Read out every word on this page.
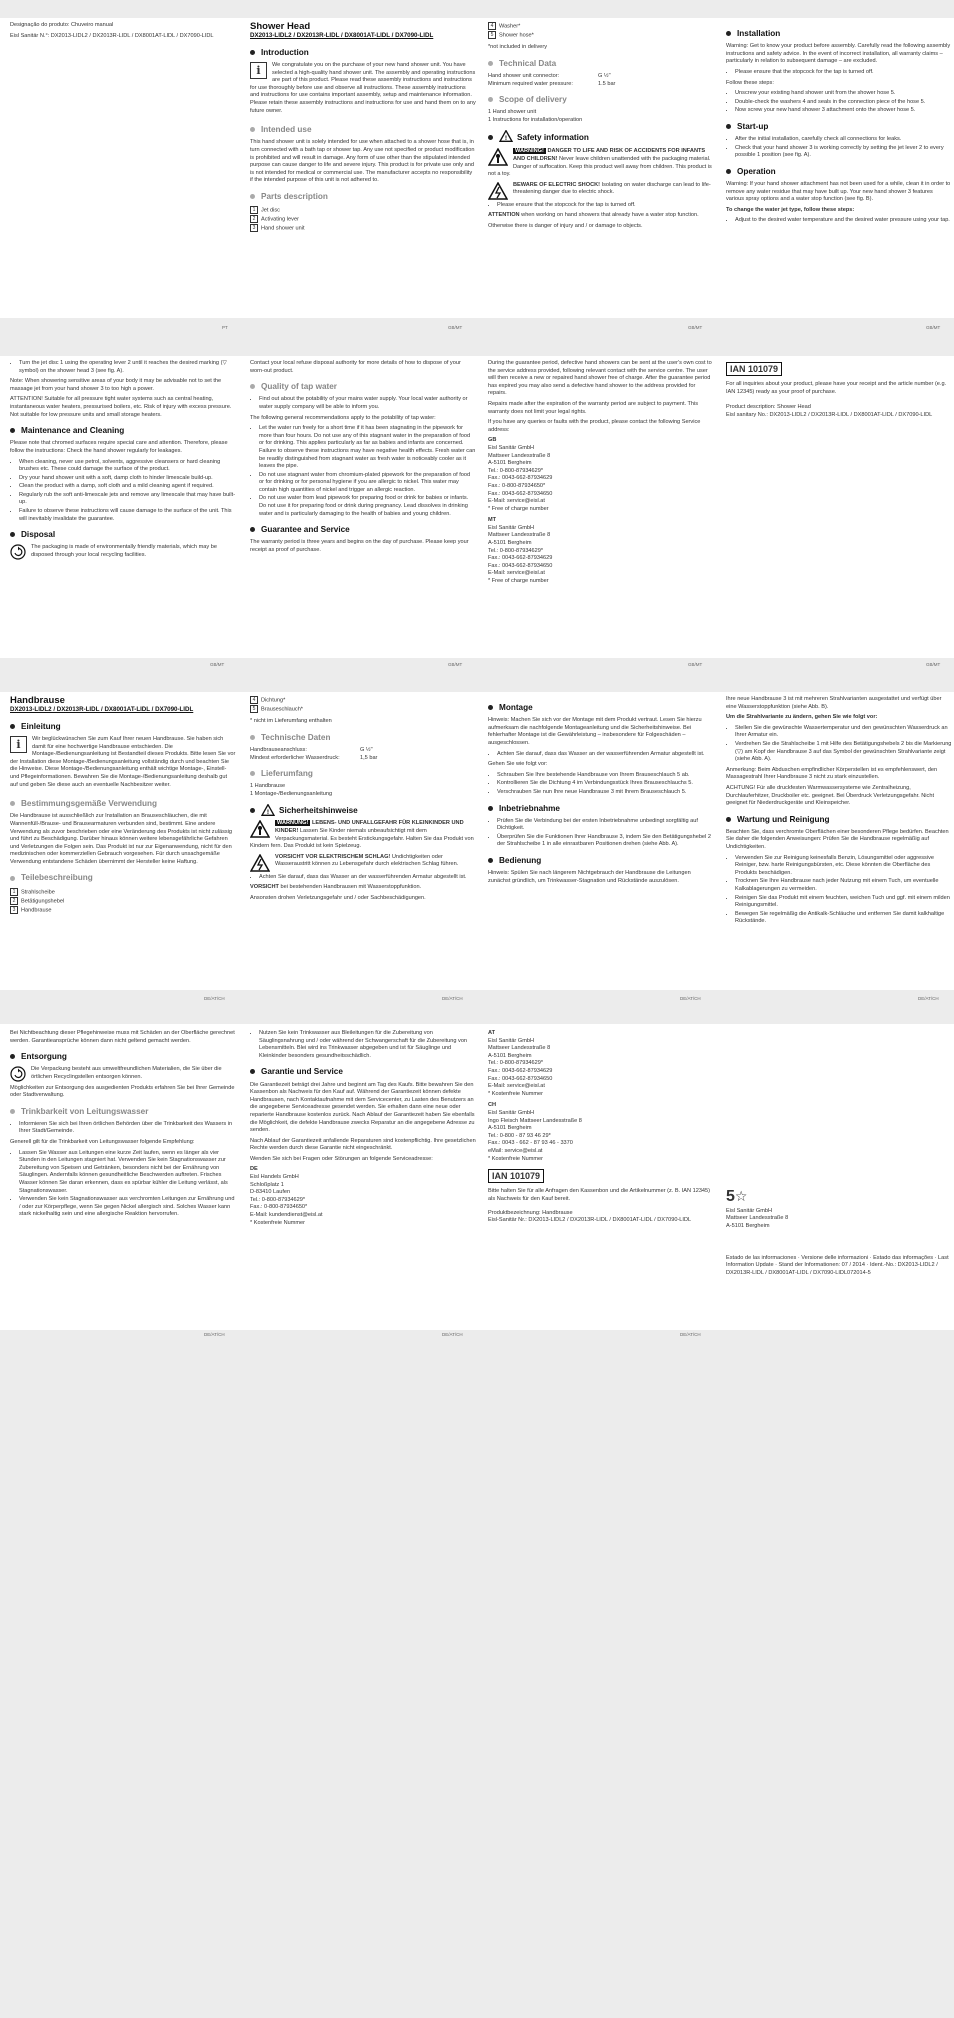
Designação do produto: Chuveiro manual

Eisl Sanitär N.°: DX2013-LIDL2 / DX2013R-LIDL / DX8001AT-LIDL / DX7090-LIDL

PT
Shower Head
DX2013-LIDL2 / DX2013R-LIDL / DX8001AT-LIDL / DX7090-LIDL
Introduction
i	We congratulate you on the purchase of your new hand shower unit. You have selected a high-quality hand shower unit. The assembly and operating instructions are part of this product. Please read these assembly instructions and instructions for use thoroughly before use and observe all instructions. These assembly instructions and instructions for use contains important assembly, setup and maintenance information. Please retain these assembly instructions and instructions for use and hand them on to any future owner.

Intended use

This hand shower unit is solely intended for use when attached to a shower hose that is, in turn connected with a bath tap or shower tap. Any use not specified or product modification is prohibited and will result in damage. Any form of use other than the stipulated intended purpose can cause danger to life and severe injury. This product is for private use only and is not intended for medical or commercial use. The manufacturer accepts no responsibility if the intended purpose of this unit is not adhered to.

Parts description
1 Jet disc
2 Activating lever
3 Hand shower unit
GB/MT
4 Washer*
5 Shower hose*

*not included in delivery

Technical Data
Hand shower unit connector:	G ½"
Minimum required water pressure:	1.5 bar
Scope of delivery
1 Hand shower unit
1 Instructions for installation/operation
! Safety information

WARNING! DANGER TO LIFE AND RISK OF ACCIDENTS FOR INFANTS AND CHILDREN! Never leave children unattended with the packaging material. Danger of suffocation. Keep this product well away from children. This product is not a toy.

BEWARE OF ELECTRIC SHOCK! Isolating on water discharge can lead to life-threatening danger due to electric shock.

• Please ensure that the stopcock for the tap is turned off.

ATTENTION when working on hand showers that already have a water stop function.

Otherwise there is danger of injury and / or damage to objects.

GB/MT
Installation

Warning: Get to know your product before assembly. Carefully read the following assembly instructions and safety advice. In the event of incorrect installation, all warranty claims – particularly in relation to subsequent damage – are excluded.

• Please ensure that the stopcock for the tap is turned off.

Follow these steps:

• Unscrew your existing hand shower unit from the shower hose 5.
• Double-check the washers 4 and seals in the connection piece of the hose 5.
• Now screw your new hand shower 3 attachment onto the shower hose 5.
Start-up
• After the initial installation, carefully check all connections for leaks.
• Check that your hand shower 3 is working correctly by setting the jet lever 2 to every possible 1 position (see fig. A).
Operation

Warning: If your hand shower attachment has not been used for a while, clean it in order to remove any water residue that may have built up. Your new hand shower 3 features various spray options and a water stop function (see fig. B).

To change the water jet type, follow these steps:

• Adjust to the desired water temperature and the desired water pressure using your tap.
GB/MT
• Turn the jet disc 1 using the operating lever 2 until it reaches the desired marking (▽ symbol) on the shower head 3 (see fig. A).

Note: When showering sensitive areas of your body it may be advisable not to set the massage jet from your hand shower 3 to too high a power.

ATTENTION! Suitable for all pressure tight water systems such as central heating, instantaneous water heaters, pressurised boilers, etc. Risk of injury with excess pressure. Not suitable for low pressure units and small storage heaters.

Maintenance and Cleaning

Please note that chromed surfaces require special care and attention. Therefore, please follow the instructions: Check the hand shower regularly for leakages.

• When cleaning, never use petrol, solvents, aggressive cleansers or hard cleaning brushes etc. These could damage the surface of the product.
• Dry your hand shower unit with a soft, damp cloth to hinder limescale build-up.
• Clean the product with a damp, soft cloth and a mild cleaning agent if required.
• Regularly rub the soft anti-limescale jets and remove any limescale that may have built-up.
• Failure to observe these instructions will cause damage to the surface of the unit. This will inevitably invalidate the guarantee.
Disposal

The packaging is made of environmentally friendly materials, which may be disposed through your local recycling facilities.

GB/MT

Contact your local refuse disposal authority for more details of how to dispose of your worn-out product.

Quality of tap water
• Find out about the potability of your mains water supply. Your local water authority or water supply company will be able to inform you.

The following general recommendations apply to the potability of tap water:

• Let the water run freely for a short time if it has been stagnating in the pipework for more than four hours. Do not use any of this stagnant water in the preparation of food or for drinking. This applies particularly as far as babies and infants are concerned. Failure to observe these instructions may have negative health effects. Fresh water can be readily distinguished from stagnant water as fresh water is noticeably cooler as it leaves the pipe.
• Do not use stagnant water from chromium-plated pipework for the preparation of food or for drinking or for personal hygiene if you are allergic to nickel. This water may contain high quantities of nickel and trigger an allergic reaction.
• Do not use water from lead pipework for preparing food or drink for babies or infants. Do not use it for preparing food or drink during pregnancy. Lead dissolves in drinking water and is particularly damaging to the health of babies and young children.
Guarantee and Service

The warranty period is three years and begins on the day of purchase. Please keep your receipt as proof of purchase.

GB/MT

During the guarantee period, defective hand showers can be sent at the user's own cost to the service address provided, following relevant contact with the service centre. The user will then receive a new or repaired hand shower free of charge. After the guarantee period has expired you may also send a defective hand shower to the address provided for repairs.

Repairs made after the expiration of the warranty period are subject to payment. This warranty does not limit your legal rights.

If you have any queries or faults with the product, please contact the following Service address:

GB

Eisl Sanitär GmbH
Mattseer Landesstraße 8
A-5101 Bergheim
Tel.: 0-800-87934629*
Fax.: 0043-662-87934629
Fax.: 0-800-87934650*
Fax.: 0043-662-87934650
E-Mail: service@eisl.at
* Free of charge number

MT

Eisl Sanitär GmbH
Mattseer Landesstraße 8
A-5101 Bergheim
Tel.: 0-800-87934629*
Fax.: 0043-662-87934629
Fax.: 0043-662-87934650
E-Mail: service@eisl.at
* Free of charge number
GB/MT
IAN 101079

For all inquiries about your product, please have your receipt and the article number (e.g. IAN 12345) ready as your proof of purchase.

Product description: Shower Head

Eisl sanitary No.: DX2013-LIDL2 / DX2013R-LIDL / DX8001AT-LIDL / DX7090-LIDL

GB/MT
Handbrause
DX2013-LIDL2 / DX2013R-LIDL / DX8001AT-LIDL / DX7090-LIDL
Einleitung
i	Wir beglückwünschen Sie zum Kauf Ihrer neuen Handbrause. Sie haben sich damit für eine hochwertige Handbrause entschieden. Die Montage-/Bedienungsanleitung ist Bestandteil dieses Produkts. Bitte lesen Sie vor der Installation diese Montage-/Bedienungsanleitung vollständig durch und beachten Sie die Hinweise. Diese Montage-/Bedienungsanleitung enthält wichtige Montage-, Einstell- und Pflegeinformationen. Bewahren Sie die Montage-/Bedienungsanleitung deshalb gut auf und geben Sie diese auch an eventuelle Nachbesitzer weiter.

Bestimmungsgemäße Verwendung

Die Handbrause ist ausschließlich zur Installation an Brauseschläuchen, die mit Wannenfüll-/Brause- und Brausearmaturen verbunden sind, bestimmt. Eine andere Verwendung als zuvor beschrieben oder eine Veränderung des Produkts ist nicht zulässig und führt zu Beschädigung. Darüber hinaus können weitere lebensgefährliche Gefahren und Verletzungen die Folgen sein. Das Produkt ist nur zur Eigenanwendung, nicht für den medizinischen oder kommerziellen Gebrauch vorgesehen. Für durch unsachgemäße Verwendung entstandene Schäden übernimmt der Hersteller keine Haftung.

Teilebeschreibung
1 Strahlscheibe
2 Betätigungshebel
3 Handbrause
DE/AT/CH
4 Dichtung*
5 Brauseschlauch*

* nicht im Lieferumfang enthalten

Technische Daten
Handbrauseanschluss:	G ½"
Mindest erforderlicher Wasserdruck:	1,5 bar
Lieferumfang
1 Handbrause
1 Montage-/Bedienungsanleitung
! Sicherheitshinweise

WARNUNG! LEBENS- UND UNFALLGEFAHR FÜR KLEINKINDER UND KINDER! Lassen Sie Kinder niemals unbeaufsichtigt mit dem Verpackungsmaterial. Es besteht Erstickungsgefahr. Halten Sie das Produkt von Kindern fern. Das Produkt ist kein Spielzeug.

VORSICHT VOR ELEKTRISCHEM SCHLAG! Undichtigkeiten oder Wasseraustritt können zu Lebensgefahr durch elektrischen Schlag führen.

• Achten Sie darauf, dass das Wasser an der wasserführenden Armatur abgestellt ist.

VORSICHT bei bestehenden Handbrausen mit Wasserstoppfunktion.

Ansonsten drohen Verletzungsgefahr und / oder Sachbeschädigungen.

DE/AT/CH
Montage

Hinweis: Machen Sie sich vor der Montage mit dem Produkt vertraut. Lesen Sie hierzu aufmerksam die nachfolgende Montageanleitung und die Sicherheitshinweise. Bei fehlerhafter Montage ist die Gewährleistung – insbesondere für Folgeschäden – ausgeschlossen.

• Achten Sie darauf, dass das Wasser an der wasserführenden Armatur abgestellt ist.

Gehen Sie wie folgt vor:

• Schrauben Sie Ihre bestehende Handbrause von Ihrem Brauseschlauch 5 ab.
• Kontrollieren Sie die Dichtung 4 im Verbindungsstück Ihres Brauseschlauchs 5.
• Verschrauben Sie nun Ihre neue Handbrause 3 mit Ihrem Brauseschlauch 5.
Inbetriebnahme
• Prüfen Sie die Verbindung bei der ersten Inbetriebnahme unbedingt sorgfältig auf Dichtigkeit.
• Überprüfen Sie die Funktionen Ihrer Handbrause 3, indem Sie den Betätigungshebel 2 der Strahlscheibe 1 in alle einrastbaren Positionen drehen (siehe Abb. A).
Bedienung

Hinweis: Spülen Sie nach längerem Nichtgebrauch der Handbrause die Leitungen zunächst gründlich, um Trinkwasser-Stagnation und Rückstände auszulösen.

DE/AT/CH

Ihre neue Handbrause 3 ist mit mehreren Strahlvarianten ausgestattet und verfügt über eine Wasserstoppfunktion (siehe Abb. B).

Um die Strahlvariante zu ändern, gehen Sie wie folgt vor:

• Stellen Sie die gewünschte Wassertemperatur und den gewünschten Wasserdruck an Ihrer Armatur ein.
• Verdrehen Sie die Strahlscheibe 1 mit Hilfe des Betätigungshebels 2 bis die Markierung (▽) am Kopf der Handbrause 3 auf das Symbol der gewünschten Strahlvariante zeigt (siehe Abb. A).

Anmerkung: Beim Abduschen empfindlicher Körperstellen ist es empfehlenswert, den Massagestrahl Ihrer Handbrause 3 nicht zu stark einzustellen.

ACHTUNG! Für alle druckfesten Warmwassersysteme wie Zentralheizung, Durchlauferhitzer, Druckboiler etc. geeignet. Bei Überdruck Verletzungsgefahr. Nicht geeignet für Niederdruckgeräte und Kleinspeicher.

Wartung und Reinigung

Beachten Sie, dass verchromte Oberflächen einer besonderen Pflege bedürfen. Beachten Sie daher die folgenden Anweisungen: Prüfen Sie die Handbrause regelmäßig auf Undichtigkeiten.

• Verwenden Sie zur Reinigung keinesfalls Benzin, Lösungsmittel oder aggressive Reiniger, bzw. harte Reinigungsbürsten, etc. Diese könnten die Oberfläche des Produkts beschädigen.
• Trocknen Sie Ihre Handbrause nach jeder Nutzung mit einem Tuch, um eventuelle Kalkablagerungen zu vermeiden.
• Reinigen Sie das Produkt mit einem feuchten, weichen Tuch und ggf. mit einem milden Reinigungsmittel.
• Bewegen Sie regelmäßig die Antikalk-Schläuche und entfernen Sie damit kalkhaltige Rückstände.
DE/AT/CH

Bei Nichtbeachtung dieser Pflegehinweise muss mit Schäden an der Oberfläche gerechnet werden. Garantieansprüche können dann nicht geltend gemacht werden.

Entsorgung

Die Verpackung besteht aus umweltfreundlichen Materialien, die Sie über die örtlichen Recyclingstellen entsorgen können.

Möglichkeiten zur Entsorgung des ausgedienten Produkts erfahren Sie bei Ihrer Gemeinde oder Stadtverwaltung.

Trinkbarkeit von Leitungswasser
• Informieren Sie sich bei Ihren örtlichen Behörden über die Trinkbarkeit des Wassers in Ihrer Stadt/Gemeinde.

Generell gilt für die Trinkbarkeit von Leitungswasser folgende Empfehlung:

• Lassen Sie Wasser aus Leitungen eine kurze Zeit laufen, wenn es länger als vier Stunden in den Leitungen stagniert hat. Verwenden Sie kein Stagnationswasser zur Zubereitung von Speisen und Getränken, besonders nicht bei der Ernährung von Säuglingen. Andernfalls können gesundheitliche Beschwerden auftreten. Frisches Wasser können Sie daran erkennen, dass es spürbar kühler die Leitung verlässt, als Stagnationswasser.
• Verwenden Sie kein Stagnationswasser aus verchromten Leitungen zur Ernährung und / oder zur Körperpflege, wenn Sie gegen Nickel allergisch sind. Solches Wasser kann stark nickelhaltig sein und eine allergische Reaktion hervorrufen.
DE/AT/CH
• Nutzen Sie kein Trinkwasser aus Bleileitungen für die Zubereitung von Säuglingsnahrung und / oder während der Schwangerschaft für die Zubereitung von Lebensmitteln. Blei wird ins Trinkwasser abgegeben und ist für Säuglinge und Kleinkinder besonders gesundheitsschädlich.
Garantie und Service

Die Garantiezeit beträgt drei Jahre und beginnt am Tag des Kaufs. Bitte bewahren Sie den Kassenbon als Nachweis für den Kauf auf. Während der Garantiezeit können defekte Handbrausen, nach Kontaktaufnahme mit dem Servicecenter, zu Lasten des Benutzers an die angegebene Serviceadresse gesendet werden. Sie erhalten dann eine neue oder reparierte Handbrause kostenlos zurück. Nach Ablauf der Garantiezeit haben Sie ebenfalls die Möglichkeit, die defekte Handbrause zwecks Reparatur an die angegebene Adresse zu senden.

Nach Ablauf der Garantiezeit anfallende Reparaturen sind kostenpflichtig. Ihre gesetzlichen Rechte werden durch diese Garantie nicht eingeschränkt.

Wenden Sie sich bei Fragen oder Störungen an folgende Serviceadresse:

DE

Eisl Handels GmbH
Schloßplatz 1
D-83410 Laufen
Tel.: 0-800-87934629*
Fax.: 0-800-87934650*
E-Mail: kundendienst@eisl.at
* Kostenfreie Nummer
DE/AT/CH

AT

Eisl Sanitär GmbH
Mattseer Landesstraße 8
A-5101 Bergheim
Tel.: 0-800-87934629*
Fax.: 0043-662-87934629
Fax.: 0043-662-87934650
E-Mail: service@eisl.at
* Kostenfreie Nummer

CH

Eisl Sanitär GmbH
Ingo Fleisch Mattseer Landesstraße 8
A-5101 Bergheim
Tel.: 0-800 - 87 93 46 29*
Fax.: 0043 - 662 - 87 93 46 - 3370
eMail: service@eisl.at
* Kostenfreie Nummer
IAN 101079

Bitte halten Sie für alle Anfragen den Kassenbon und die Artikelnummer (z. B. IAN 12345) als Nachweis für den Kauf bereit.

Produktbezeichnung: Handbrause

Eisl-Sanitär Nr.: DX2013-LIDL2 / DX2013R-LIDL / DX8001AT-LIDL / DX7090-LIDL

DE/AT/CH
5☆
Eisl Sanitär GmbH
Mattseer Landesstraße 8
A-5101 Bergheim

Estado de las informaciones · Versione delle informazioni · Estado das informações · Last Information Update · Stand der Informationen: 07 / 2014 · Ident.-No.: DX2013-LIDL2 / DX2013R-LIDL / DX8001AT-LIDL / DX7090-LIDL072014-5
